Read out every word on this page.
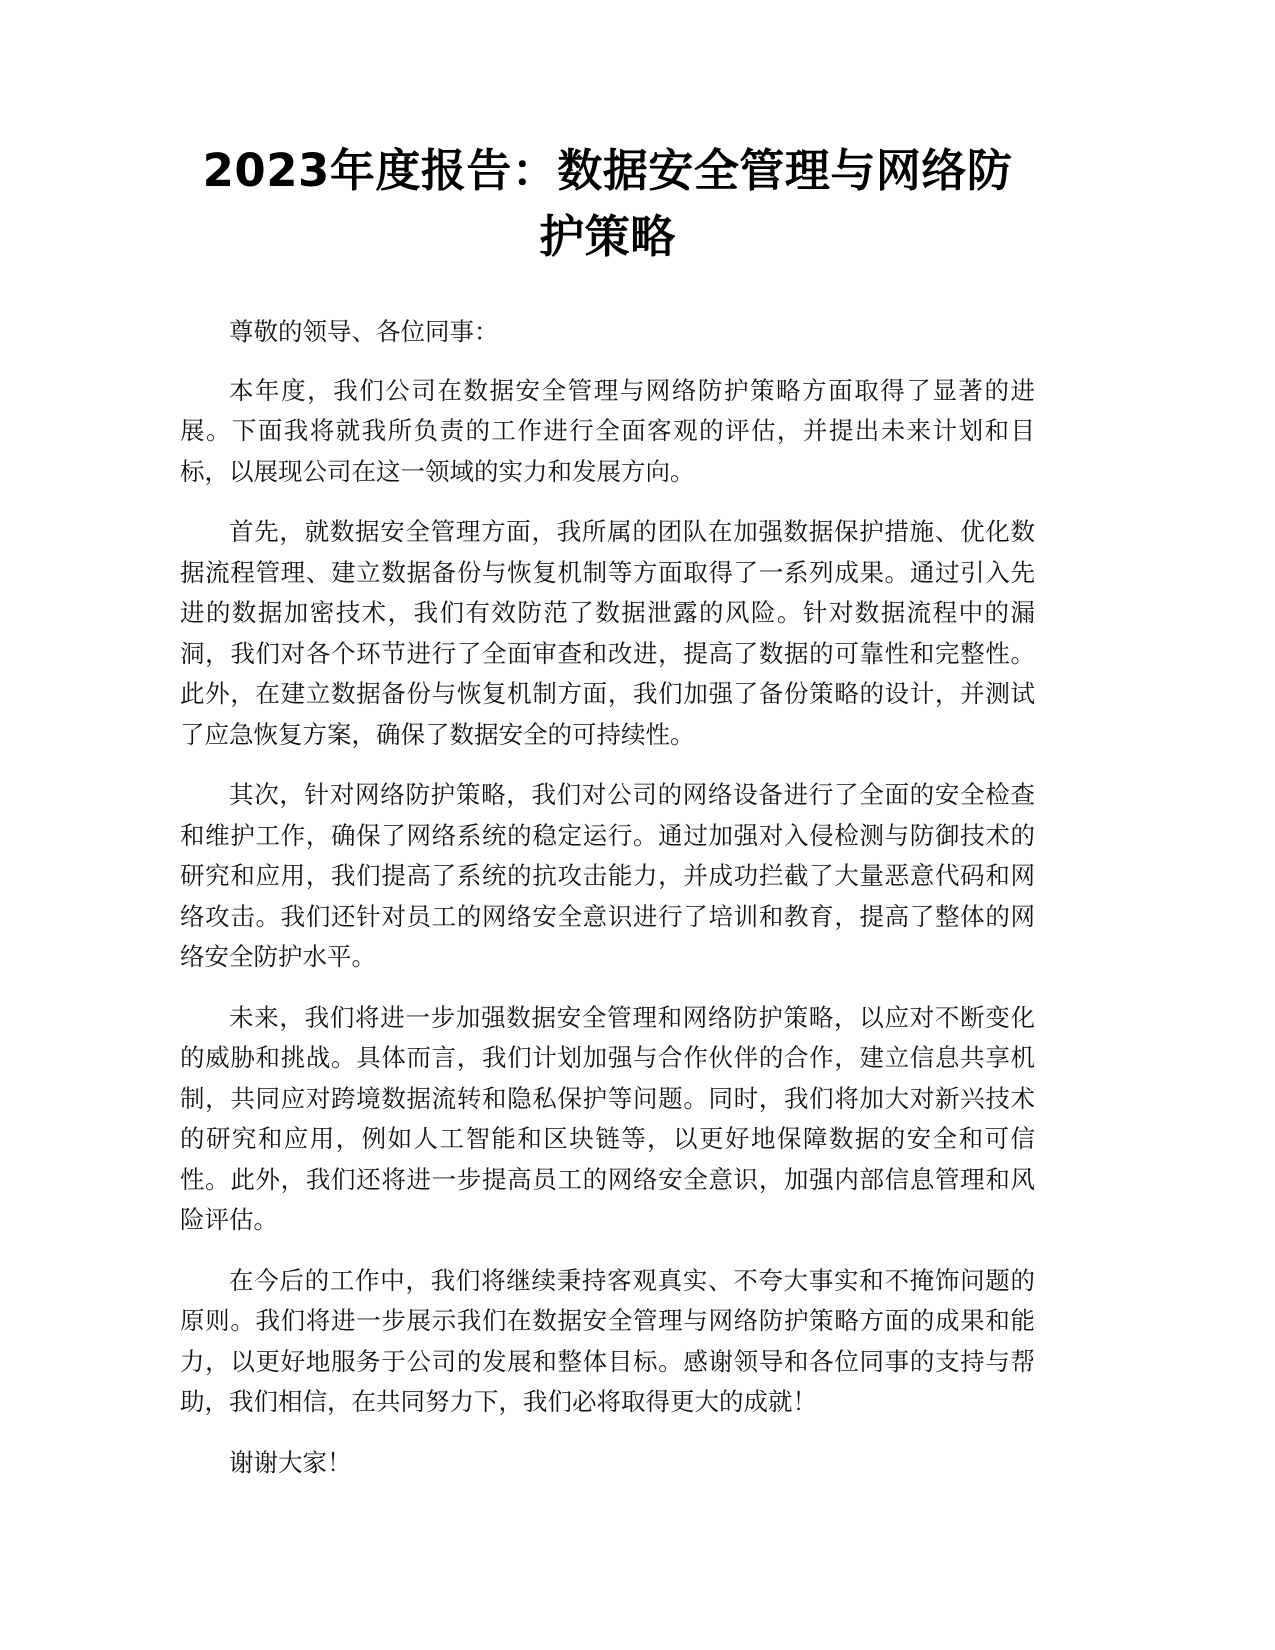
2023年度报告：数据安全管理与网络防护策略

尊敬的领导、各位同事：

本年度，我们公司在数据安全管理与网络防护策略方面取得了显著的进展。下面我将就我所负责的工作进行全面客观的评估，并提出未来计划和目标，以展现公司在这一领域的实力和发展方向。

首先，就数据安全管理方面，我所属的团队在加强数据保护措施、优化数据流程管理、建立数据备份与恢复机制等方面取得了一系列成果。通过引入先进的数据加密技术，我们有效防范了数据泄露的风险。针对数据流程中的漏洞，我们对各个环节进行了全面审查和改进，提高了数据的可靠性和完整性。此外，在建立数据备份与恢复机制方面，我们加强了备份策略的设计，并测试了应急恢复方案，确保了数据安全的可持续性。

其次，针对网络防护策略，我们对公司的网络设备进行了全面的安全检查和维护工作，确保了网络系统的稳定运行。通过加强对入侵检测与防御技术的研究和应用，我们提高了系统的抗攻击能力，并成功拦截了大量恶意代码和网络攻击。我们还针对员工的网络安全意识进行了培训和教育，提高了整体的网络安全防护水平。

未来，我们将进一步加强数据安全管理和网络防护策略，以应对不断变化的威胁和挑战。具体而言，我们计划加强与合作伙伴的合作，建立信息共享机制，共同应对跨境数据流转和隐私保护等问题。同时，我们将加大对新兴技术的研究和应用，例如人工智能和区块链等，以更好地保障数据的安全和可信性。此外，我们还将进一步提高员工的网络安全意识，加强内部信息管理和风险评估。

在今后的工作中，我们将继续秉持客观真实、不夸大事实和不掩饰问题的原则。我们将进一步展示我们在数据安全管理与网络防护策略方面的成果和能力，以更好地服务于公司的发展和整体目标。感谢领导和各位同事的支持与帮助，我们相信，在共同努力下，我们必将取得更大的成就！

谢谢大家！
